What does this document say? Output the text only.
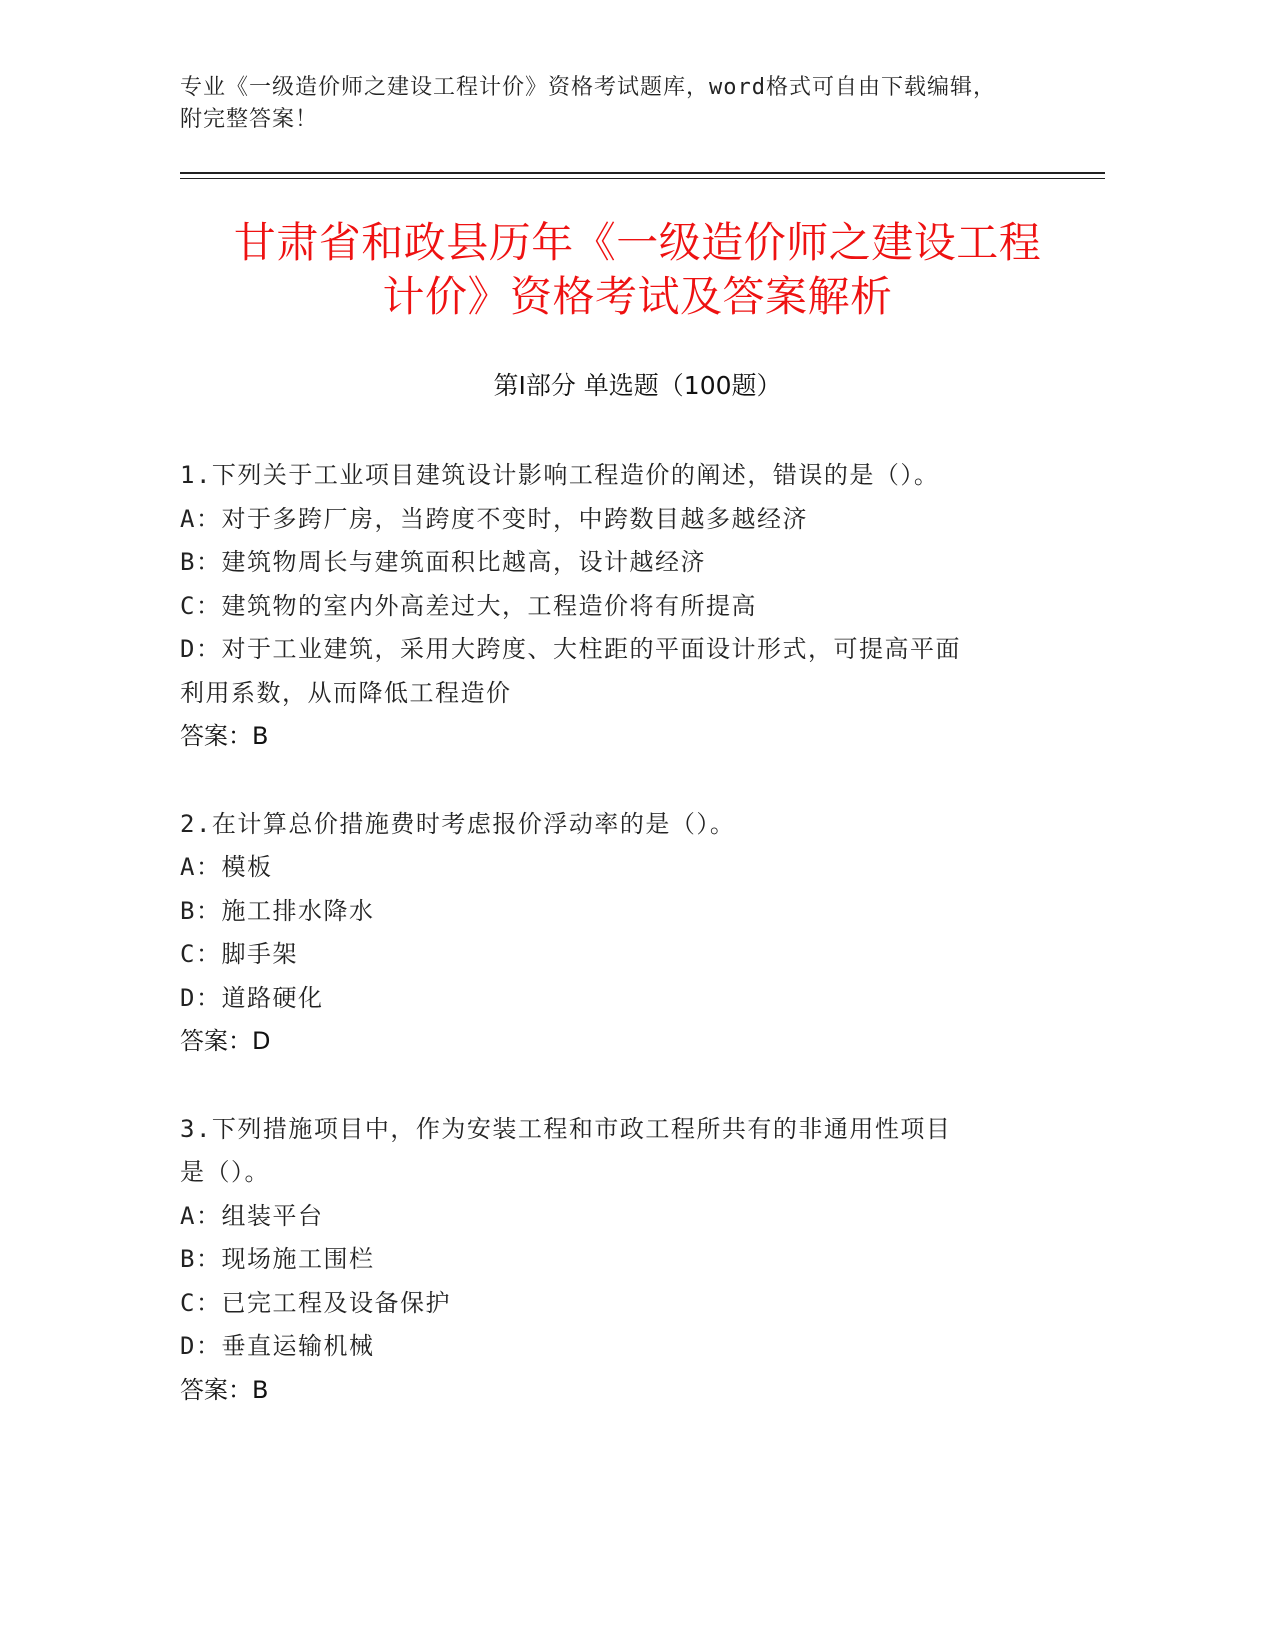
专业《一级造价师之建设工程计价》资格考试题库，word格式可自由下载编辑，
附完整答案！
甘肃省和政县历年《一级造价师之建设工程
计价》资格考试及答案解析
第Ⅰ部分 单选题（100题）
1.下列关于工业项目建筑设计影响工程造价的阐述，错误的是（）。
A：对于多跨厂房，当跨度不变时，中跨数目越多越经济
B：建筑物周长与建筑面积比越高，设计越经济
C：建筑物的室内外高差过大，工程造价将有所提高
D：对于工业建筑，采用大跨度、大柱距的平面设计形式，可提高平面
利用系数，从而降低工程造价
答案：B
2.在计算总价措施费时考虑报价浮动率的是（）。
A：模板
B：施工排水降水
C：脚手架
D：道路硬化
答案：D
3.下列措施项目中，作为安装工程和市政工程所共有的非通用性项目
是（）。
A：组装平台
B：现场施工围栏
C：已完工程及设备保护
D：垂直运输机械
答案：B
